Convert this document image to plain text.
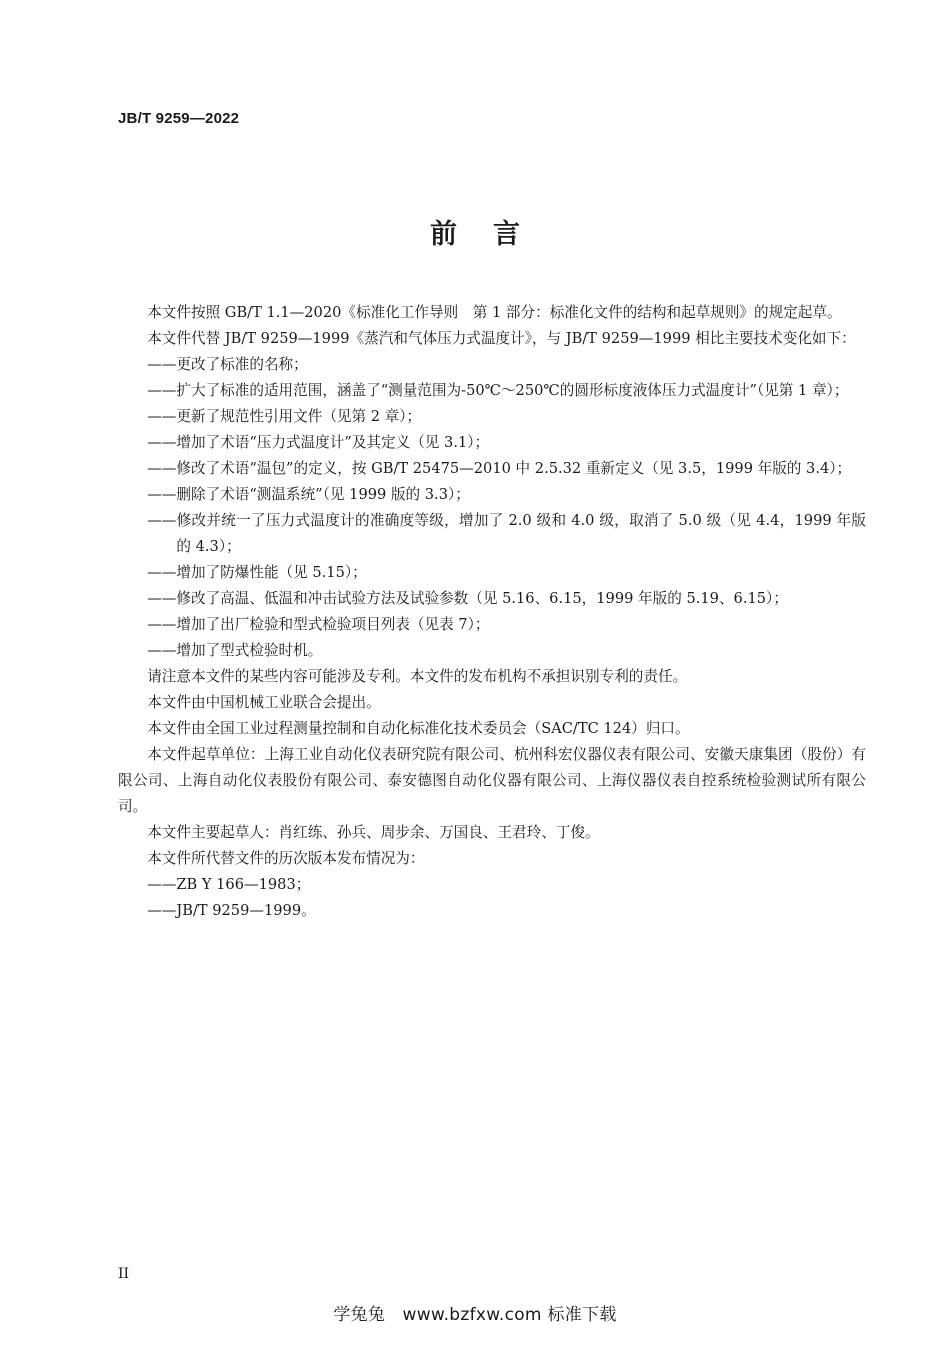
JB/T 9259—2022
前言

本文件按照 GB/T 1.1—2020《标准化工作导则　第 1 部分：标准化文件的结构和起草规则》的规定起草。

本文件代替 JB/T 9259—1999《蒸汽和气体压力式温度计》，与 JB/T 9259—1999 相比主要技术变化如下：

——更改了标准的名称；

——扩大了标准的适用范围，涵盖了“测量范围为-50℃～250℃的圆形标度液体压力式温度计”（见第 1 章）；

——更新了规范性引用文件（见第 2 章）；

——增加了术语“压力式温度计”及其定义（见 3.1）；

——修改了术语“温包”的定义，按 GB/T 25475—2010 中 2.5.32 重新定义（见 3.5，1999 年版的 3.4）；

——删除了术语“测温系统”（见 1999 版的 3.3）；

——修改并统一了压力式温度计的准确度等级，增加了 2.0 级和 4.0 级，取消了 5.0 级（见 4.4，1999 年版的 4.3）；

——增加了防爆性能（见 5.15）；

——修改了高温、低温和冲击试验方法及试验参数（见 5.16、6.15，1999 年版的 5.19、6.15）；

——增加了出厂检验和型式检验项目列表（见表 7）；

——增加了型式检验时机。

请注意本文件的某些内容可能涉及专利。本文件的发布机构不承担识别专利的责任。

本文件由中国机械工业联合会提出。

本文件由全国工业过程测量控制和自动化标准化技术委员会（SAC/TC 124）归口。

本文件起草单位：上海工业自动化仪表研究院有限公司、杭州科宏仪器仪表有限公司、安徽天康集团（股份）有限公司、上海自动化仪表股份有限公司、泰安德图自动化仪器有限公司、上海仪器仪表自控系统检验测试所有限公司。

本文件主要起草人：肖红练、孙兵、周步余、万国良、王君玲、丁俊。

本文件所代替文件的历次版本发布情况为：

——ZB Y 166—1983；

——JB/T 9259—1999。

II
学兔兔　www.bzfxw.com 标准下载
